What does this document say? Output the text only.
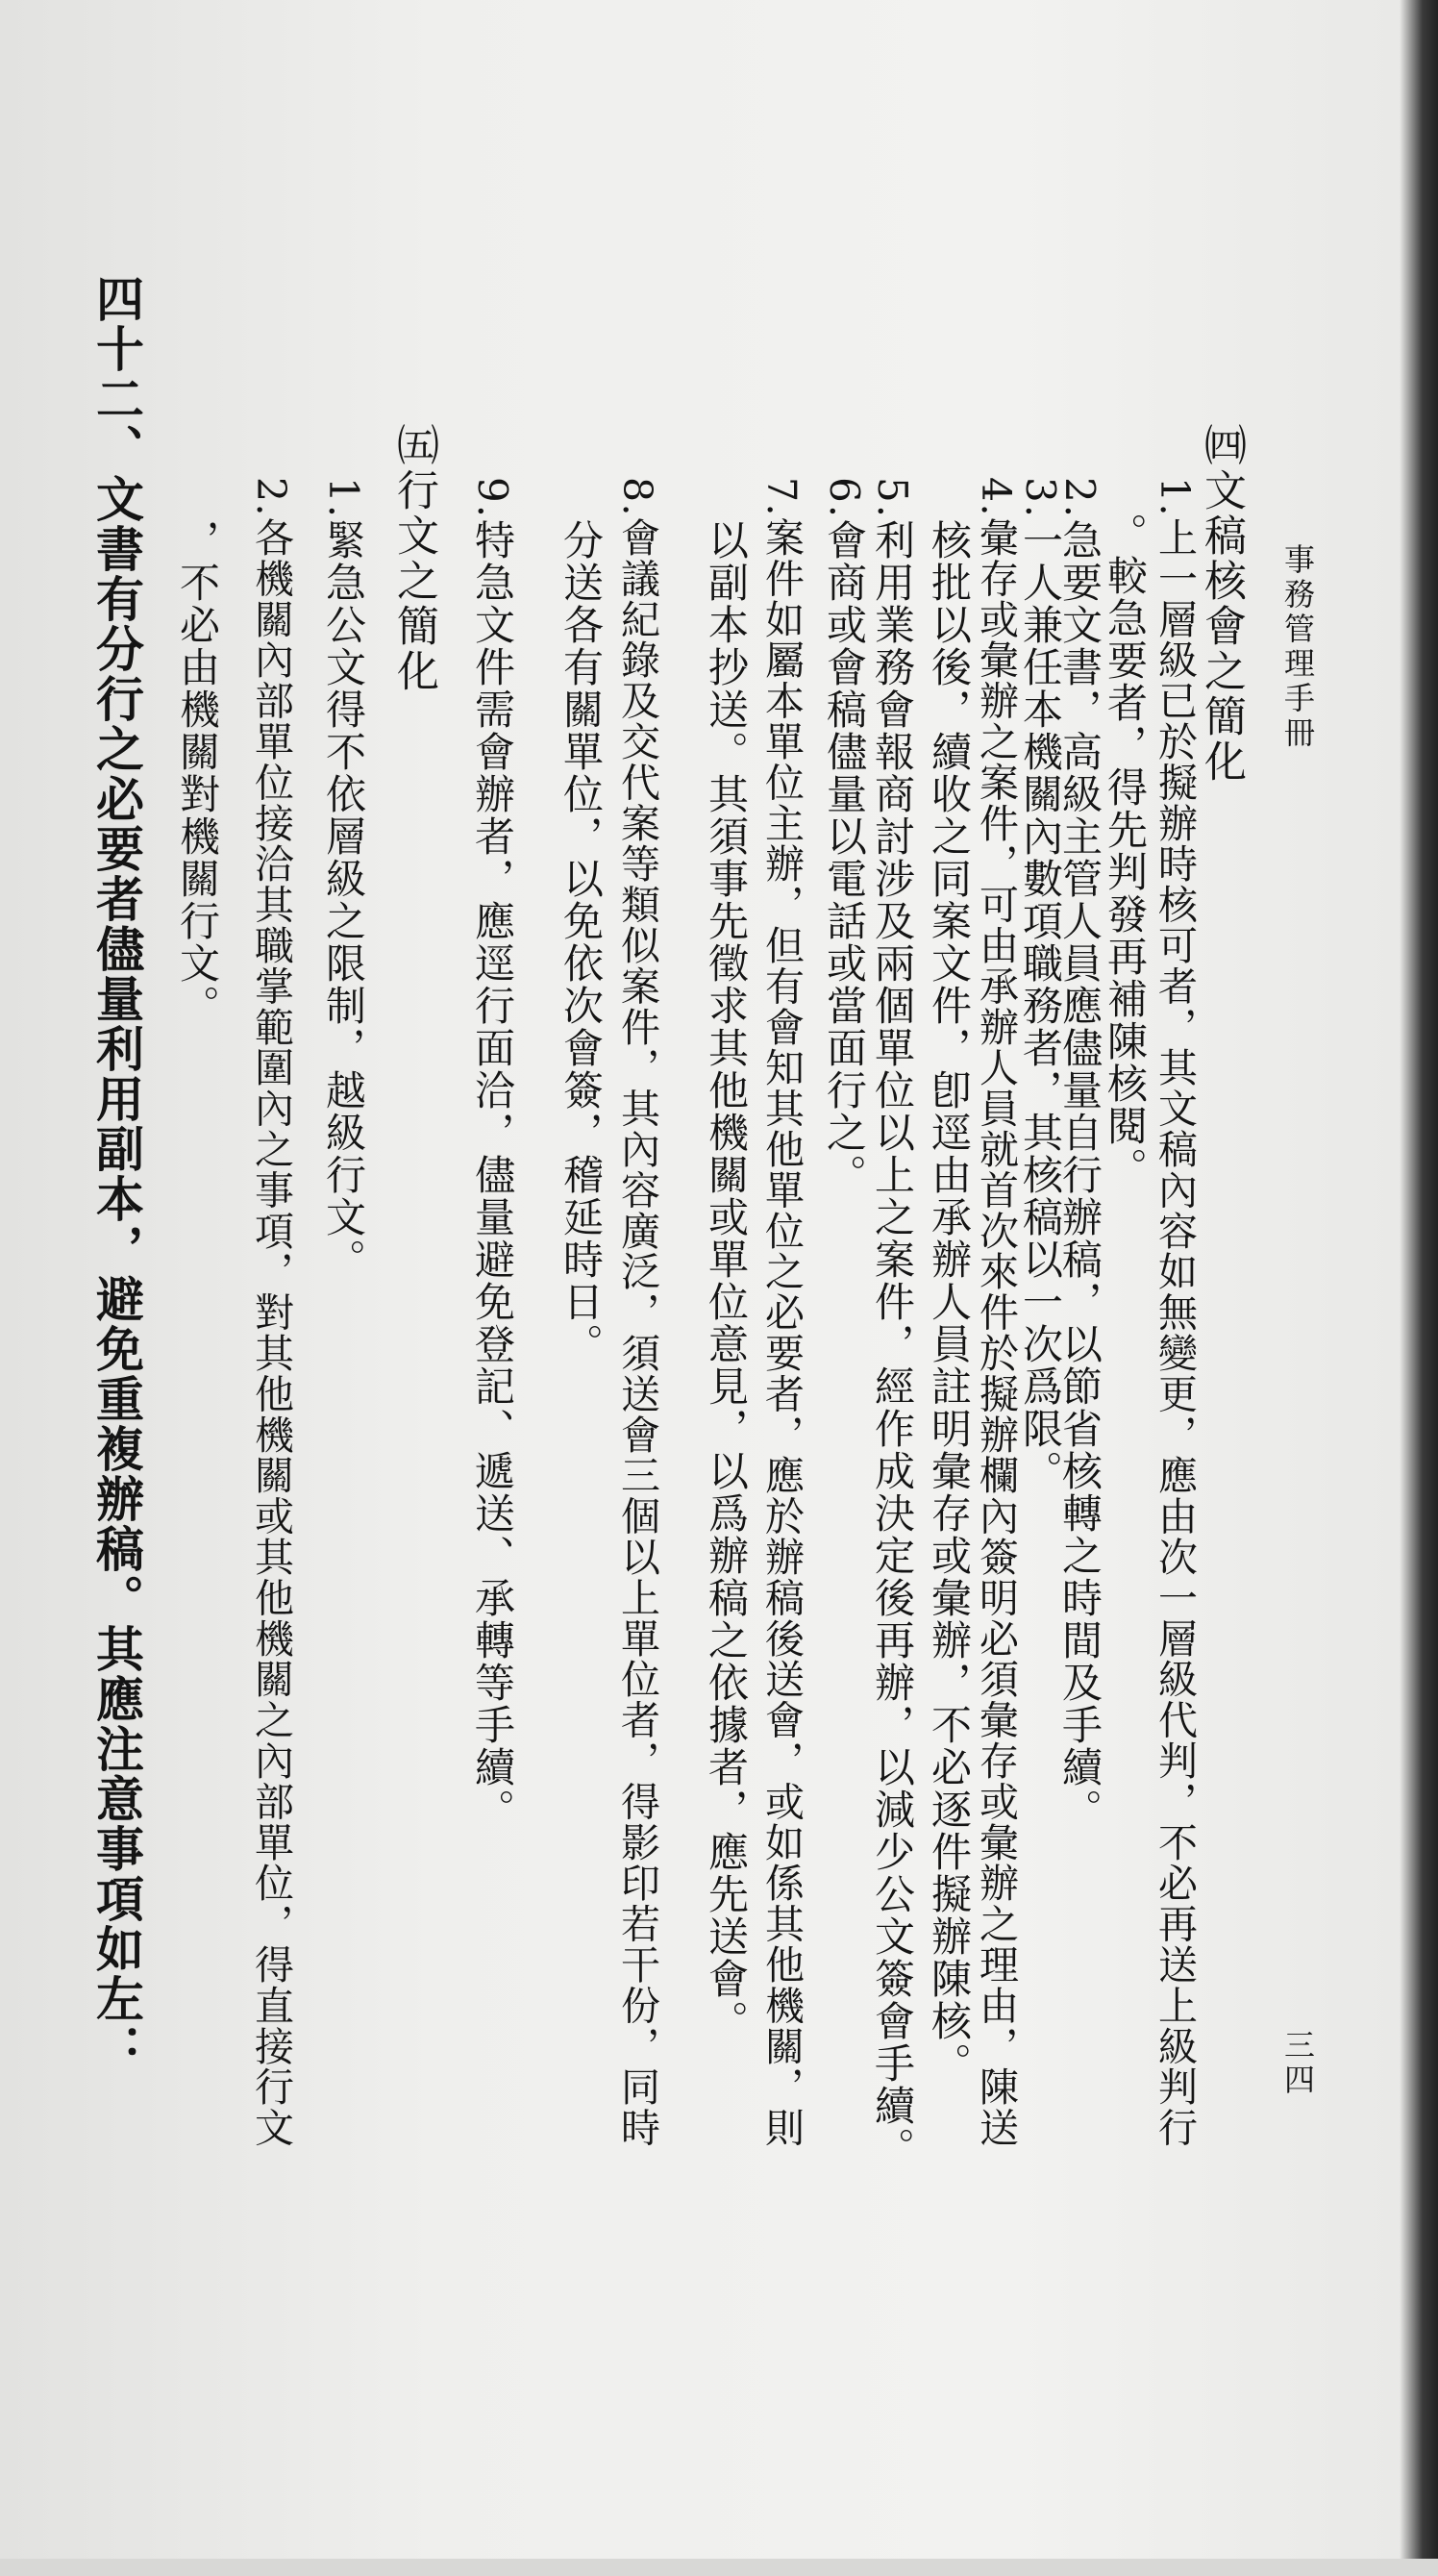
事務管理手冊
三四
㈣文稿核會之簡化
1.上一層級已於擬辦時核可者，其文稿內容如無變更，應由次一層級代判，不必再送上級判行
。較急要者，得先判發再補陳核閱。
2.急要文書，高級主管人員應儘量自行辦稿，以節省核轉之時間及手續。
3.一人兼任本機關內數項職務者，其核稿以一次爲限。
4.彙存或彙辦之案件，可由承辦人員就首次來件於擬辦欄內簽明必須彙存或彙辦之理由，陳送
核批以後，續收之同案文件，卽逕由承辦人員註明彙存或彙辦，不必逐件擬辦陳核。
5.利用業務會報商討涉及兩個單位以上之案件，經作成決定後再辦，以減少公文簽會手續。
6.會商或會稿儘量以電話或當面行之。
7.案件如屬本單位主辦，但有會知其他單位之必要者，應於辦稿後送會，或如係其他機關，則
以副本抄送。其須事先徵求其他機關或單位意見，以爲辦稿之依據者，應先送會。
8.會議紀錄及交代案等類似案件，其內容廣泛，須送會三個以上單位者，得影印若干份，同時
分送各有關單位，以免依次會簽，稽延時日。
9.特急文件需會辦者，應逕行面洽，儘量避免登記、遞送、承轉等手續。
㈤行文之簡化
1.緊急公文得不依層級之限制，越級行文。
2.各機關內部單位接洽其職掌範圍內之事項，對其他機關或其他機關之內部單位，得直接行文
，不必由機關對機關行文。
四十二、文書有分行之必要者儘量利用副本，避免重複辦稿。其應注意事項如左：
